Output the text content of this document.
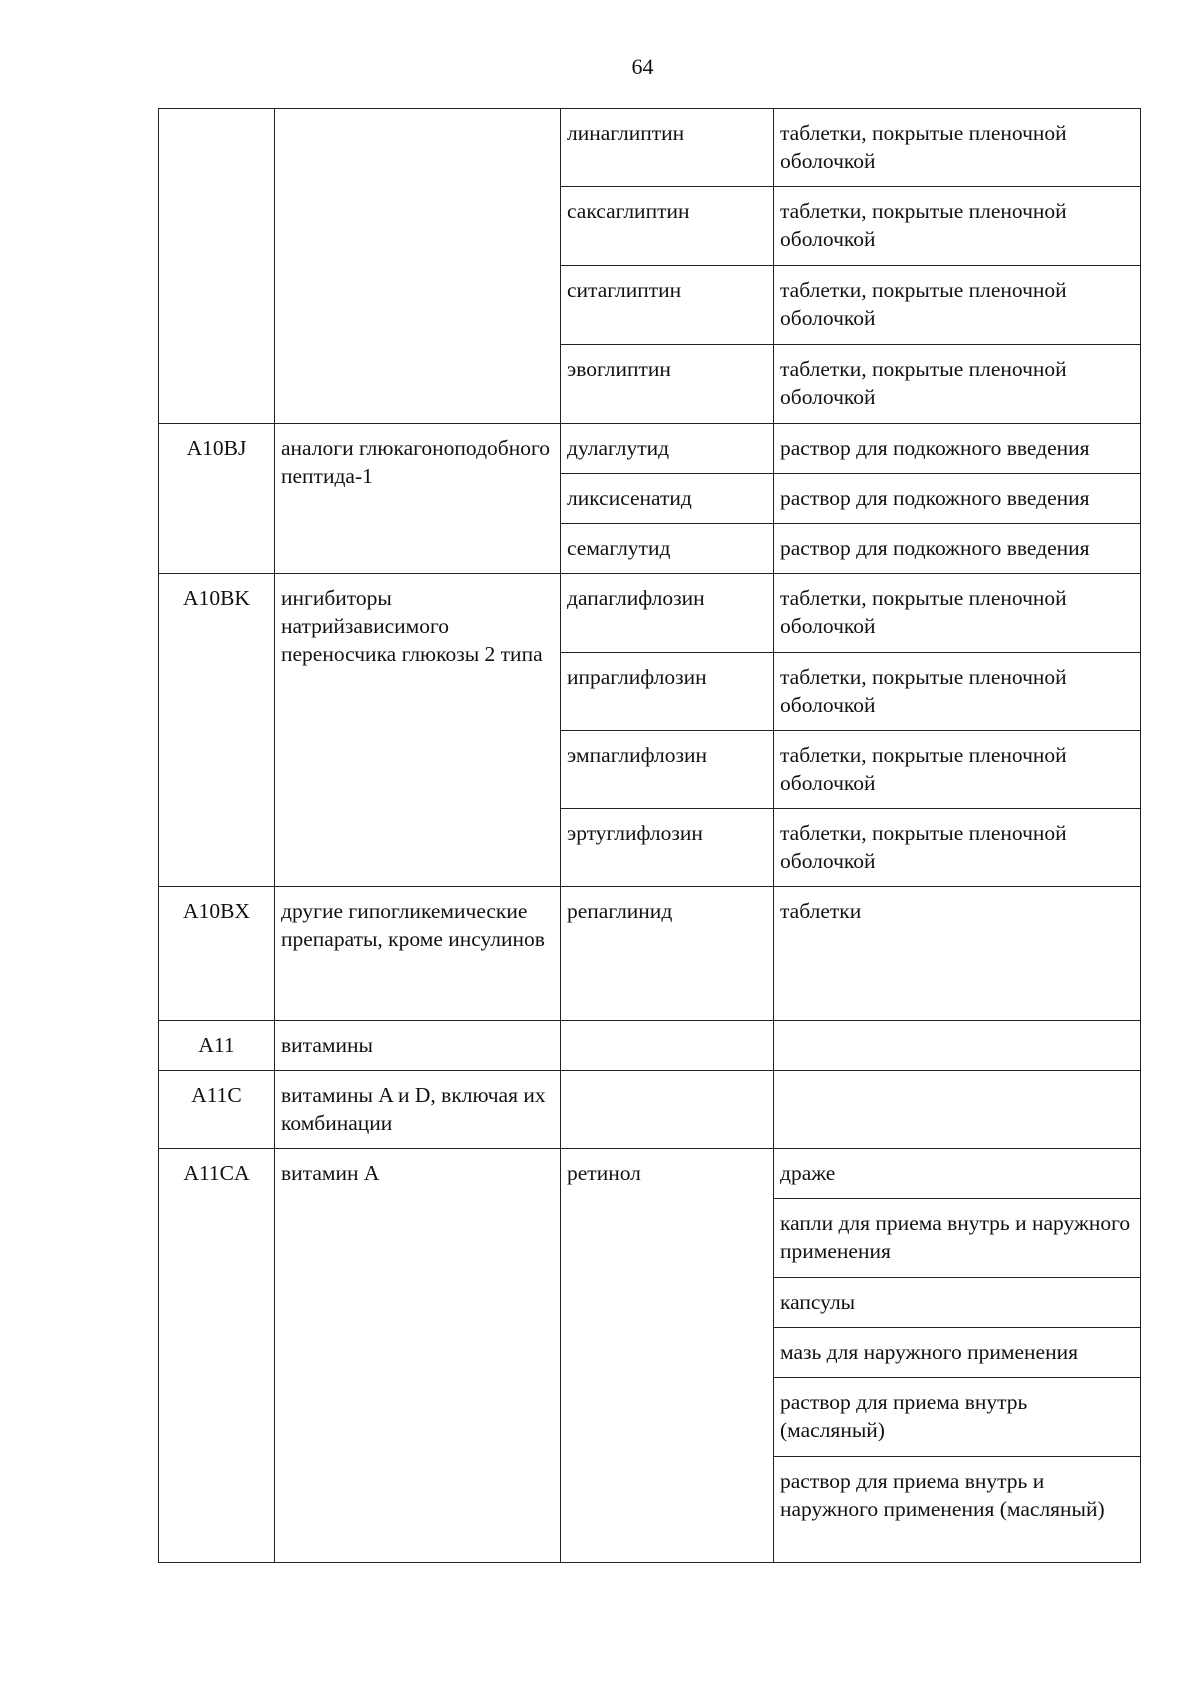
64
		линаглиптин	таблетки, покрытые пленочной оболочкой
		саксаглиптин	таблетки, покрытые пленочной оболочкой
		ситаглиптин	таблетки, покрытые пленочной оболочкой
		эвоглиптин	таблетки, покрытые пленочной оболочкой
A10BJ	аналоги глюкагоноподобного пептида-1	дулаглутид	раствор для подкожного введения
		ликсисенатид	раствор для подкожного введения
		семаглутид	раствор для подкожного введения
A10BK	ингибиторы натрийзависимого переносчика глюкозы 2 типа	дапаглифлозин	таблетки, покрытые пленочной оболочкой
		ипраглифлозин	таблетки, покрытые пленочной оболочкой
		эмпаглифлозин	таблетки, покрытые пленочной оболочкой
		эртуглифлозин	таблетки, покрытые пленочной оболочкой
A10BX	другие гипогликемические препараты, кроме инсулинов	репаглинид	таблетки
A11	витамины		
A11C	витамины A и D, включая их комбинации		
A11CA	витамин A	ретинол	драже
			капли для приема внутрь и наружного применения
			капсулы
			мазь для наружного применения
			раствор для приема внутрь (масляный)
			раствор для приема внутрь и наружного применения (масляный)
